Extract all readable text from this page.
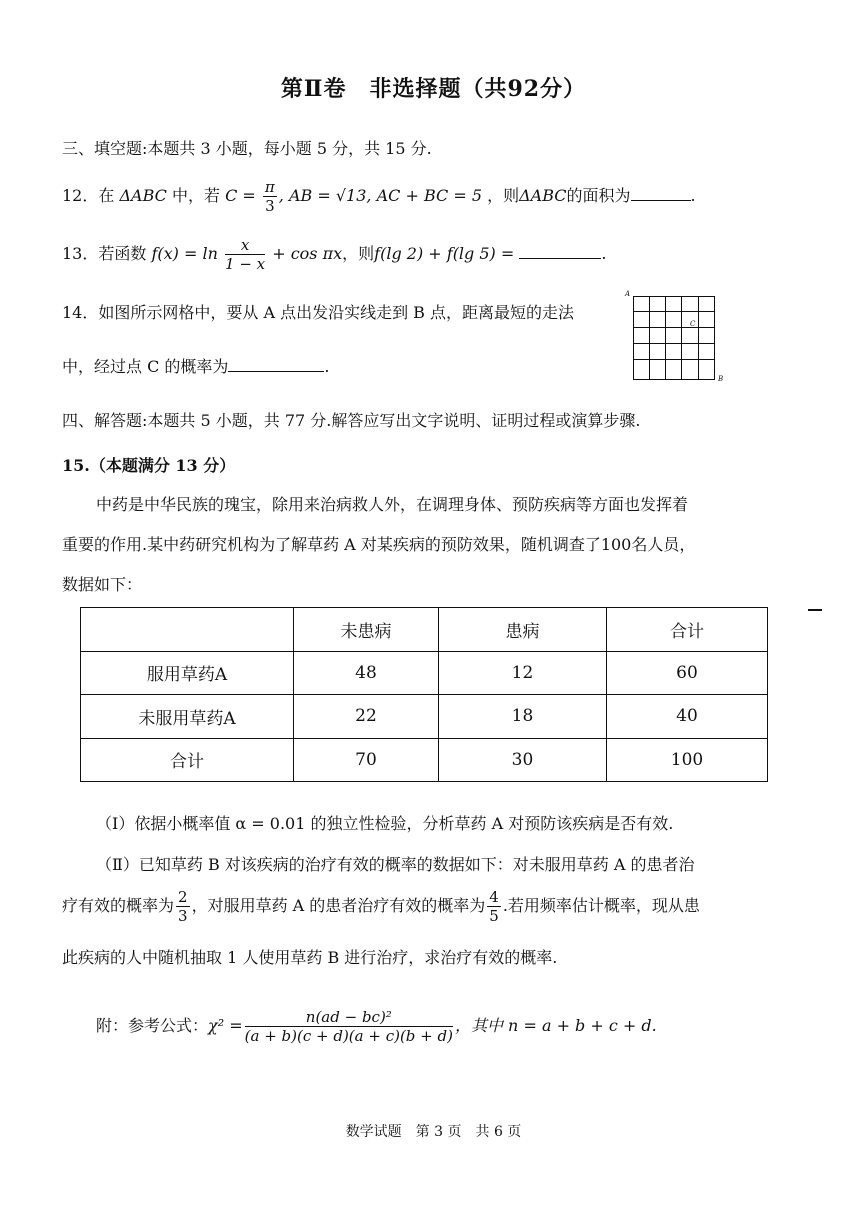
第Ⅱ卷　非选择题（共92分）
三、填空题:本题共 3 小题，每小题 5 分，共 15 分.
12．在 ΔABC 中，若 $C = \frac{\pi}{3}$ , AB = √13, AC + BC = 5 ，则ΔABC的面积为	.
13．若函数 $f(x) = \ln \frac{x}{1 - x} + \cos \pi x$，则f(lg 2) + f(lg 5) =	.
14．如图所示网格中，要从 A 点出发沿实线走到 B 点，距离最短的走法
中，经过点 C 的概率为	.
A
C
B
四、解答题:本题共 5 小题，共 77 分.解答应写出文字说明、证明过程或演算步骤.
15.（本题满分 13 分）
中药是中华民族的瑰宝，除用来治病救人外，在调理身体、预防疾病等方面也发挥着
重要的作用.某中药研究机构为了解草药 A 对某疾病的预防效果，随机调查了100名人员，
数据如下：
	未患病	患病	合计
服用草药A	48	12	60
未服用草药A	22	18	40
合计	70	30	100
（Ⅰ）依据小概率值 α = 0.01 的独立性检验，分析草药 A 对预防该疾病是否有效.
（Ⅱ）已知草药 B 对该疾病的治疗有效的概率的数据如下：对未服用草药 A 的患者治
疗有效的概率为 $\frac{2}{3}$ ，对服用草药 A 的患者治疗有效的概率为 $\frac{4}{5}$ .若用频率估计概率，现从患
此疾病的人中随机抽取 1 人使用草药 B 进行治疗，求治疗有效的概率.
附：参考公式：$\chi^2 = \frac{\text{n(ad − bc)²}}{(a + b)(c + d)(a + c)(b + d)}$ ，其中 n = a + b + c + d.
数学试题　第 3 页　共 6 页
